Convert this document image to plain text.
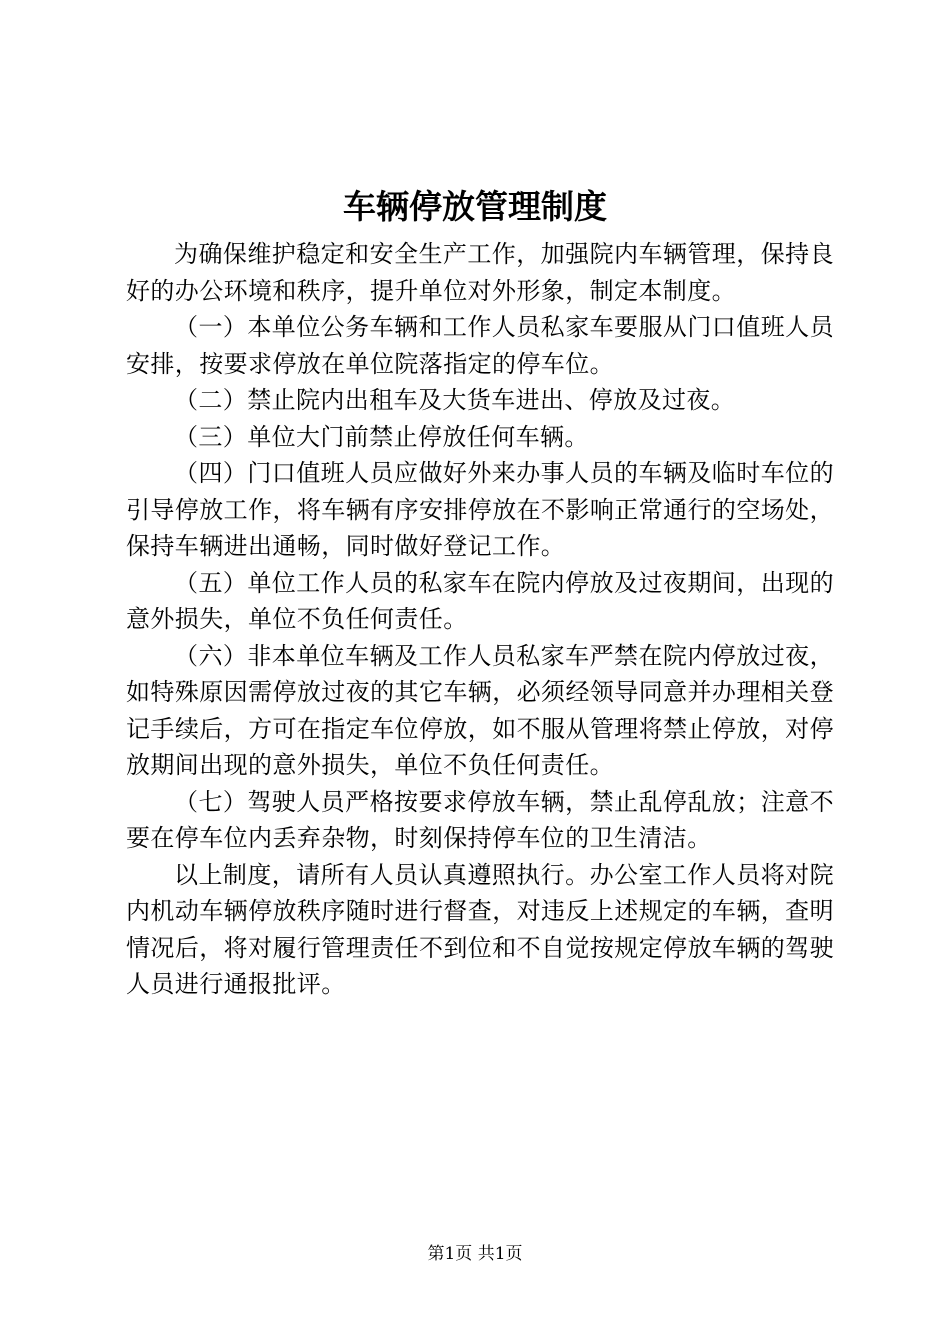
车辆停放管理制度

为确保维护稳定和安全生产工作，加强院内车辆管理，保持良好的办公环境和秩序，提升单位对外形象，制定本制度。

（一）本单位公务车辆和工作人员私家车要服从门口值班人员安排，按要求停放在单位院落指定的停车位。

（二）禁止院内出租车及大货车进出、停放及过夜。

（三）单位大门前禁止停放任何车辆。

（四）门口值班人员应做好外来办事人员的车辆及临时车位的引导停放工作，将车辆有序安排停放在不影响正常通行的空场处，保持车辆进出通畅，同时做好登记工作。

（五）单位工作人员的私家车在院内停放及过夜期间，出现的意外损失，单位不负任何责任。

（六）非本单位车辆及工作人员私家车严禁在院内停放过夜，如特殊原因需停放过夜的其它车辆，必须经领导同意并办理相关登记手续后，方可在指定车位停放，如不服从管理将禁止停放，对停放期间出现的意外损失，单位不负任何责任。

（七）驾驶人员严格按要求停放车辆，禁止乱停乱放；注意不要在停车位内丢弃杂物，时刻保持停车位的卫生清洁。

以上制度，请所有人员认真遵照执行。办公室工作人员将对院内机动车辆停放秩序随时进行督查，对违反上述规定的车辆，查明情况后，将对履行管理责任不到位和不自觉按规定停放车辆的驾驶人员进行通报批评。

第1页 共1页
